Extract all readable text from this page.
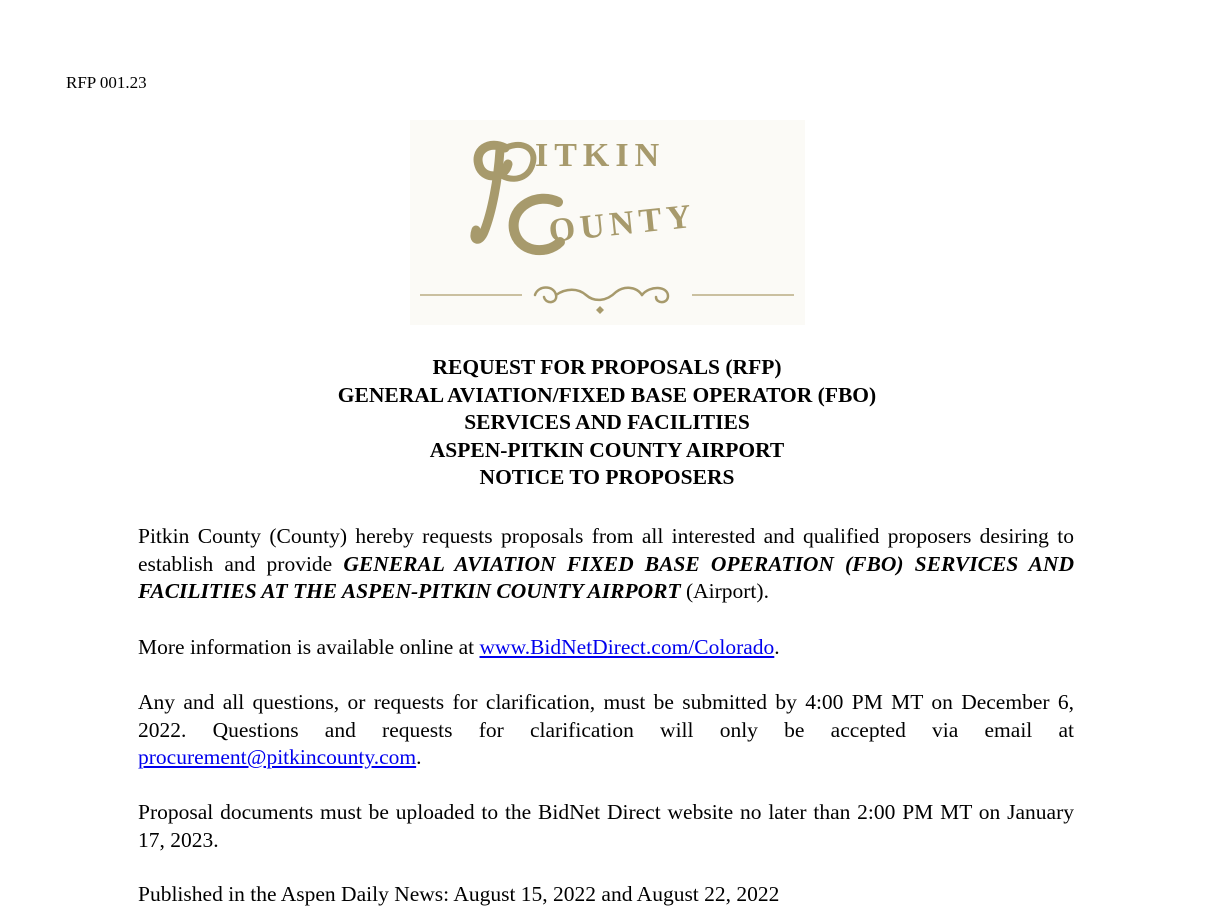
RFP 001.23
ITKIN
OUNTY
REQUEST FOR PROPOSALS (RFP)
GENERAL AVIATION/FIXED BASE OPERATOR (FBO)
SERVICES AND FACILITIES
ASPEN-PITKIN COUNTY AIRPORT
NOTICE TO PROPOSERS
Pitkin County (County) hereby requests proposals from all interested and qualified proposers desiring to establish and provide GENERAL AVIATION FIXED BASE OPERATION (FBO) SERVICES AND FACILITIES AT THE ASPEN-PITKIN COUNTY AIRPORT (Airport).
More information is available online at www.BidNetDirect.com/Colorado.
Any and all questions, or requests for clarification, must be submitted by 4:00 PM MT on December 6, 2022. Questions and requests for clarification will only be accepted via email at procurement@pitkincounty.com.
Proposal documents must be uploaded to the BidNet Direct website no later than 2:00 PM MT on January 17, 2023.
Published in the Aspen Daily News: August 15, 2022 and August 22, 2022
